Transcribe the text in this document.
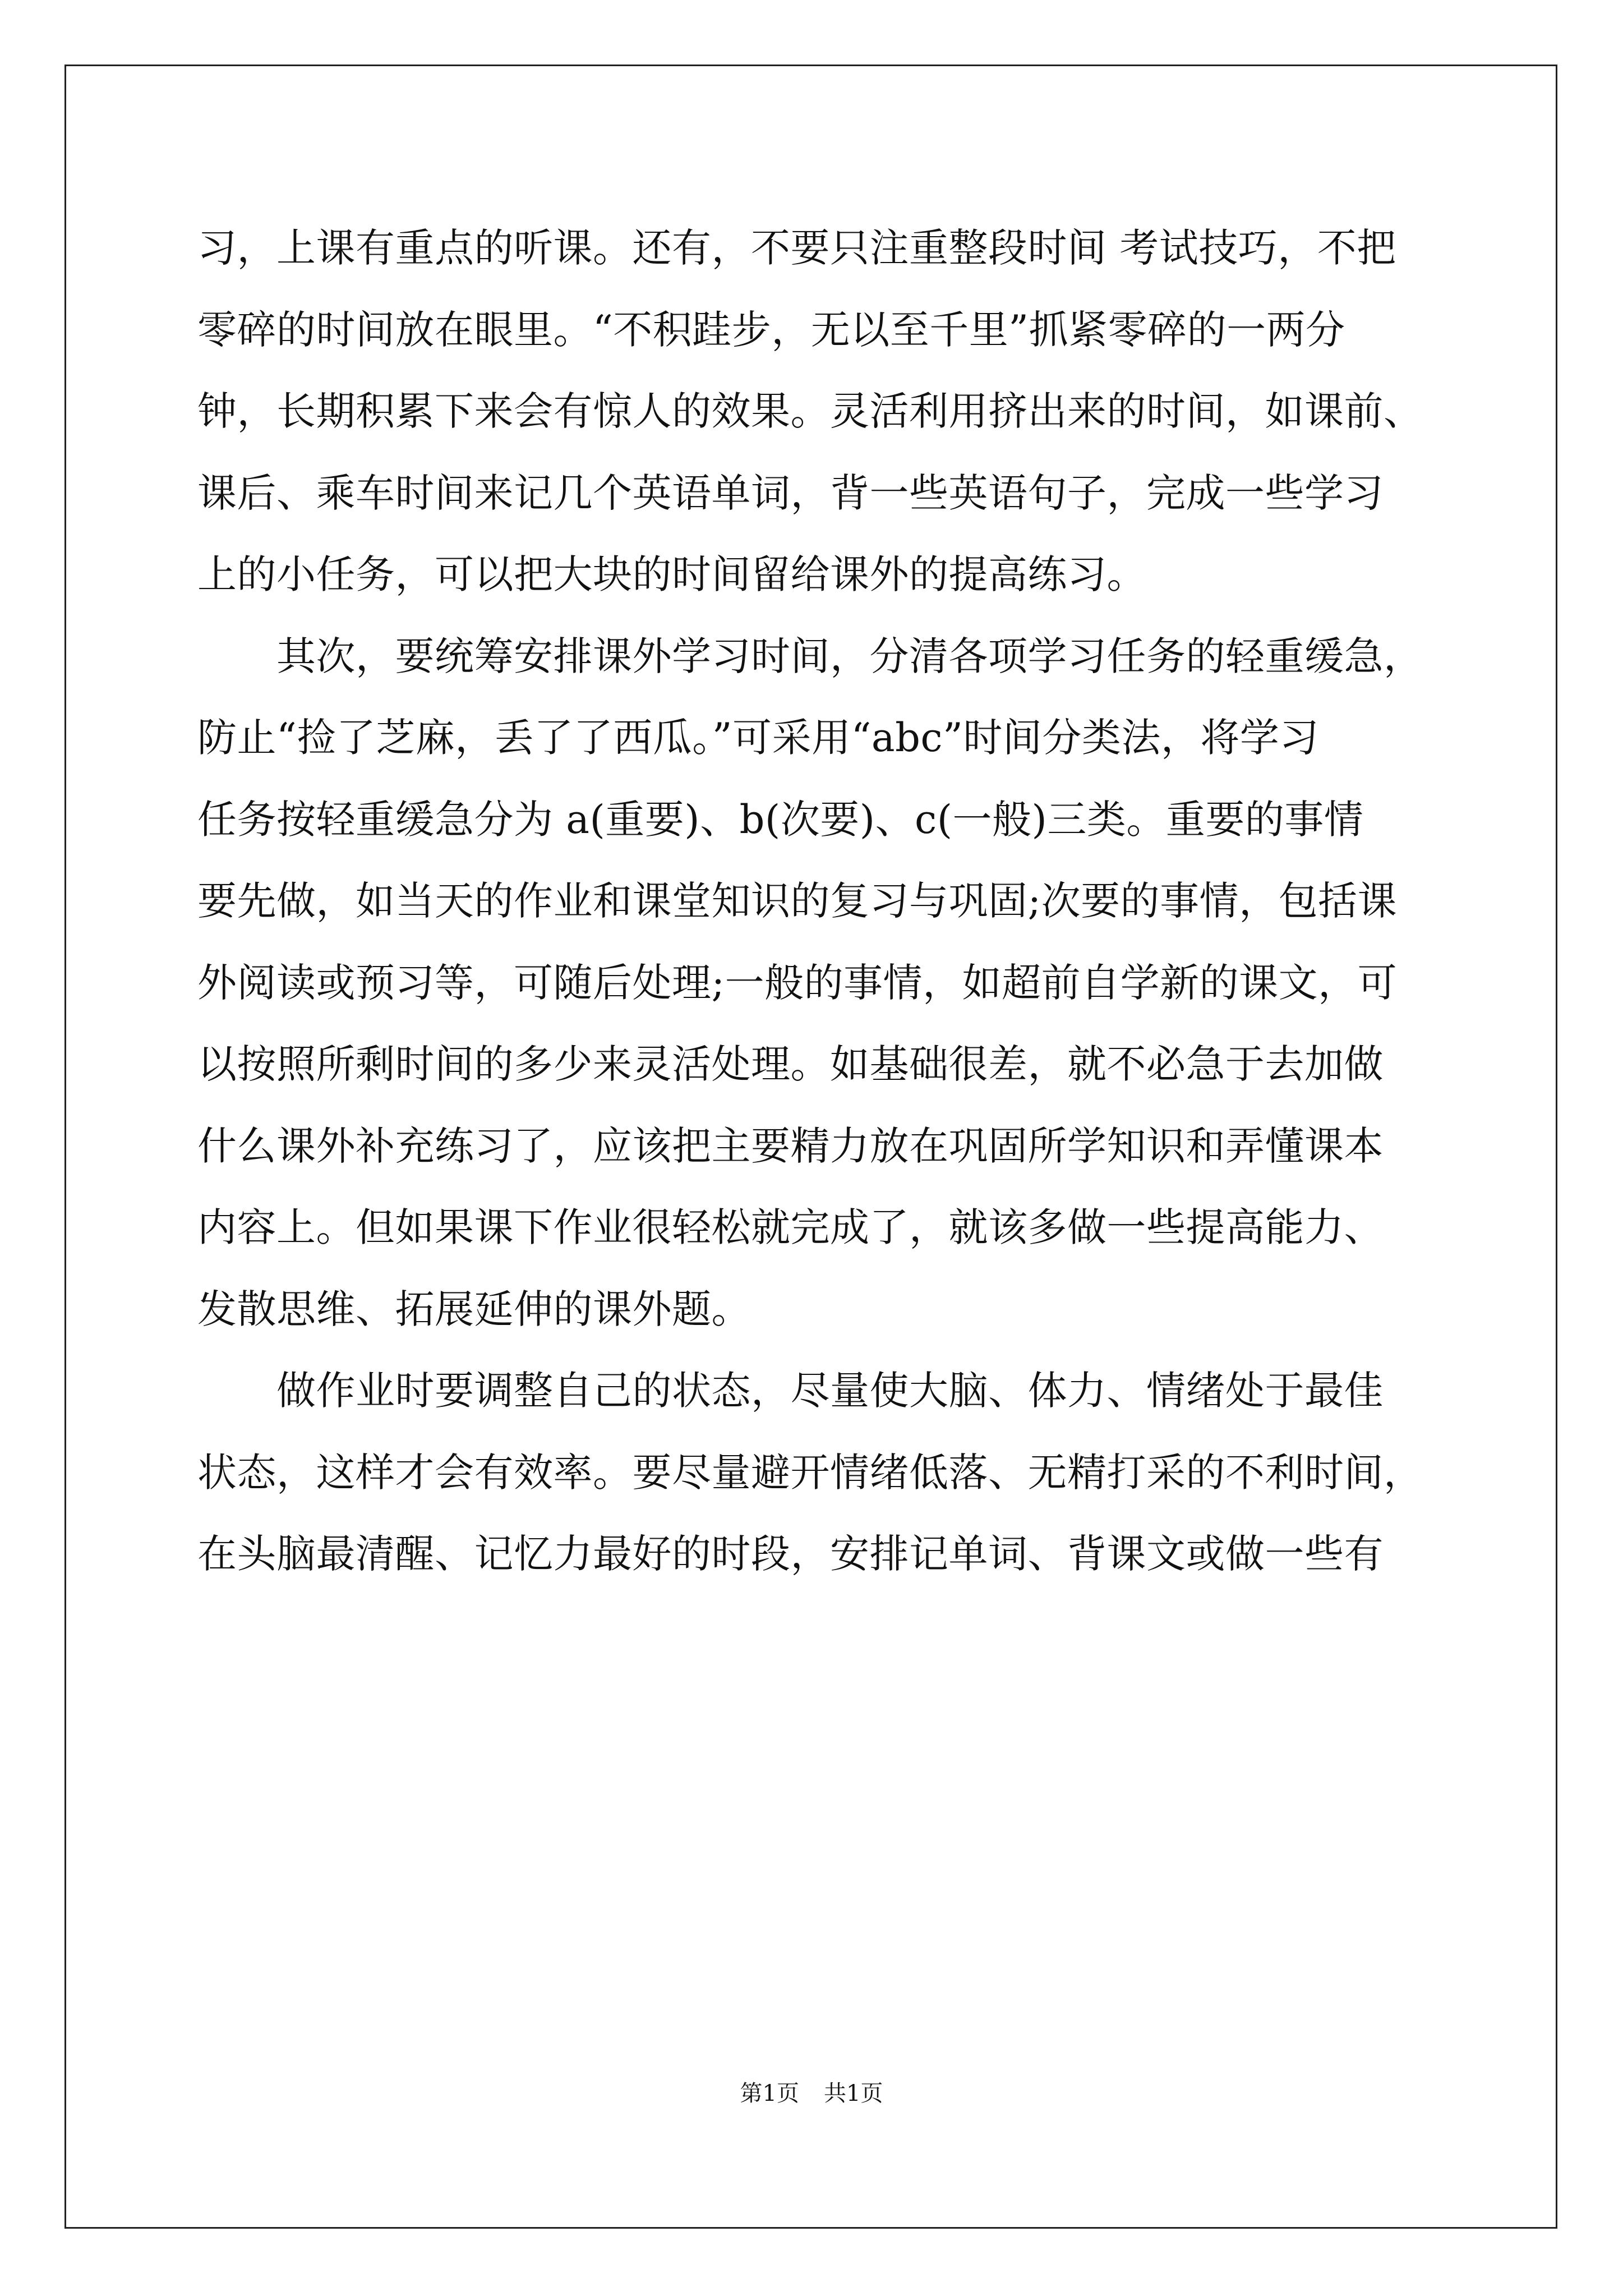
习，上课有重点的听课。还有，不要只注重整段时间 考试技巧，不把
零碎的时间放在眼里。“不积跬步，无以至千里”抓紧零碎的一两分
钟，长期积累下来会有惊人的效果。灵活利用挤出来的时间，如课前、
课后、乘车时间来记几个英语单词，背一些英语句子，完成一些学习
上的小任务，可以把大块的时间留给课外的提高练习。
　　其次，要统筹安排课外学习时间，分清各项学习任务的轻重缓急，
防止“捡了芝麻，丢了了西瓜。”可采用“abc”时间分类法，将学习
任务按轻重缓急分为 a(重要)、b(次要)、c(一般)三类。重要的事情
要先做，如当天的作业和课堂知识的复习与巩固;次要的事情，包括课
外阅读或预习等，可随后处理;一般的事情，如超前自学新的课文，可
以按照所剩时间的多少来灵活处理。如基础很差，就不必急于去加做
什么课外补充练习了，应该把主要精力放在巩固所学知识和弄懂课本
内容上。但如果课下作业很轻松就完成了，就该多做一些提高能力、
发散思维、拓展延伸的课外题。
　　做作业时要调整自己的状态，尽量使大脑、体力、情绪处于最佳
状态，这样才会有效率。要尽量避开情绪低落、无精打采的不利时间，
在头脑最清醒、记忆力最好的时段，安排记单词、背课文或做一些有
第1页 共1页
